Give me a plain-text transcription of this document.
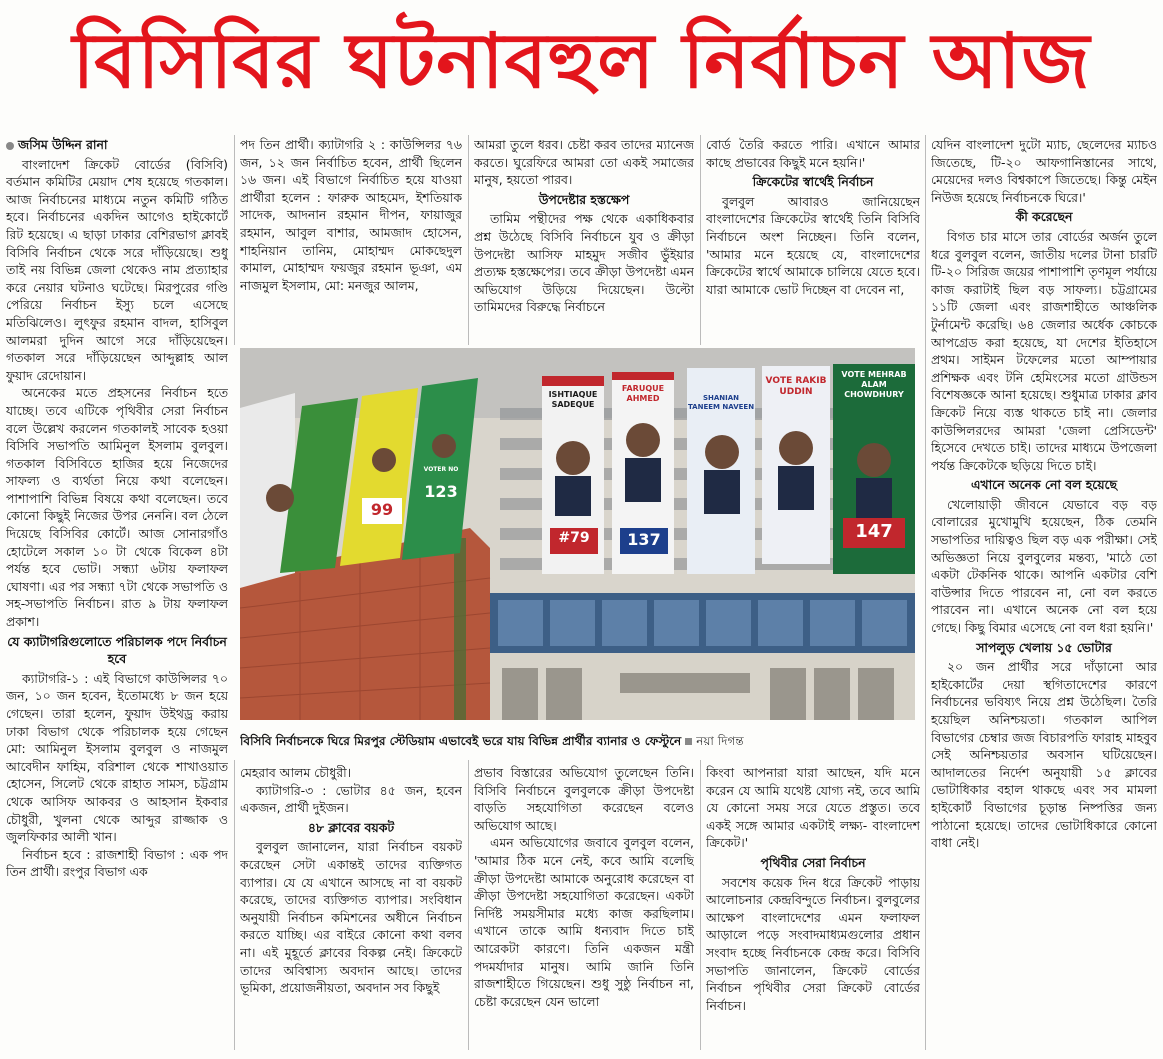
বিসিবির ঘটনাবহুল নির্বাচন আজ
জসিম উদ্দিন রানা

বাংলাদেশ ক্রিকেট বোর্ডের (বিসিবি) বর্তমান কমিটির মেয়াদ শেষ হয়েছে গতকাল। আজ নির্বাচনের মাধ্যমে নতুন কমিটি গঠিত হবে। নির্বাচনের একদিন আগেও হাইকোর্টে রিট হয়েছে। এ ছাড়া ঢাকার বেশিরভাগ ক্লাবই বিসিবি নির্বাচন থেকে সরে দাঁড়িয়েছে। শুধু তাই নয় বিভিন্ন জেলা থেকেও নাম প্রত্যাহার করে নেয়ার ঘটনাও ঘটেছে। মিরপুরের গণ্ডি পেরিয়ে নির্বাচন ইস্যু চলে এসেছে মতিঝিলেও। লুৎফুর রহমান বাদল, হাসিবুল আলমরা দুদিন আগে সরে দাঁড়িয়েছেন। গতকাল সরে দাঁড়িয়েছেন আব্দুল্লাহ আল ফুয়াদ রেদোয়ান।

অনেকের মতে প্রহসনের নির্বাচন হতে যাচ্ছে। তবে এটিকে পৃথিবীর সেরা নির্বাচন বলে উল্লেখ করলেন গতকালই সাবেক হওয়া বিসিবি সভাপতি আমিনুল ইসলাম বুলবুল। গতকাল বিসিবিতে হাজির হয়ে নিজেদের সাফল্য ও ব্যর্থতা নিয়ে কথা বলেছেন। পাশাপাশি বিভিন্ন বিষয়ে কথা বলেছেন। তবে কোনো কিছুই নিজের উপর নেননি। বল ঠেলে দিয়েছে বিসিবির কোর্টে। আজ সোনারগাঁও হোটেলে সকাল ১০ টা থেকে বিকেল ৪টা পর্যন্ত হবে ভোট। সন্ধ্যা ৬টায় ফলাফল ঘোষণা। এর পর সন্ধ্যা ৭টা থেকে সভাপতি ও সহ-সভাপতি নির্বাচন। রাত ৯ টায় ফলাফল প্রকাশ।

যে ক্যাটাগরিগুলোতে পরিচালক পদে নির্বাচন হবে

ক্যাটাগরি-১ : এই বিভাগে কাউন্সিলর ৭০ জন, ১০ জন হবেন, ইতোমধ্যে ৮ জন হয়ে গেছেন। তারা হলেন, ফুয়াদ উইথড্র করায় ঢাকা বিভাগ থেকে পরিচালক হয়ে গেছেন মো: আমিনুল ইসলাম বুলবুল ও নাজমুল আবেদীন ফাহিম, বরিশাল থেকে শাখাওয়াত হোসেন, সিলেট থেকে রাহাত সামস, চট্টগ্রাম থেকে আসিফ আকবর ও আহসান ইকবার চৌধুরী, খুলনা থেকে আব্দুর রাজ্জাক ও জুলফিকার আলী খান।

নির্বাচন হবে : রাজশাহী বিভাগ : এক পদ তিন প্রার্থী। রংপুর বিভাগ এক

পদ তিন প্রার্থী। ক্যাটাগরি ২ : কাউন্সিলর ৭৬ জন, ১২ জন নির্বাচিত হবেন, প্রার্থী ছিলেন ১৬ জন। এই বিভাগে নির্বাচিত হয়ে যাওয়া প্রার্থীরা হলেন : ফারুক আহমেদ, ইশতিয়াক সাদেক, আদনান রহমান দীপন, ফায়াজুর রহমান, আবুল বাশার, আমজাদ হোসেন, শাহনিয়ান তানিম, মোহাম্মদ মোকছেদুল কামাল, মোহাম্মদ ফয়জুর রহমান ভূঞা, এম নাজমুল ইসলাম, মো: মনজুর আলম,

আমরা তুলে ধরব। চেষ্টা করব তাদের ম্যানেজ করতে। ঘুরেফিরে আমরা তো একই সমাজের মানুষ, হয়তো পারব।

উপদেষ্টার হস্তক্ষেপ

তামিম পন্থীদের পক্ষ থেকে একাধিকবার প্রশ্ন উঠেছে বিসিবি নির্বাচনে যুব ও ক্রীড়া উপদেষ্টা আসিফ মাহমুদ সজীব ভুঁইয়ার প্রত্যক্ষ হস্তক্ষেপের। তবে ক্রীড়া উপদেষ্টা এমন অভিযোগ উড়িয়ে দিয়েছেন। উল্টো তামিমদের বিরুদ্ধে নির্বাচনে

বোর্ড তৈরি করতে পারি। এখানে আমার কাছে প্রভাবের কিছুই মনে হয়নি।'

ক্রিকেটের স্বার্থেই নির্বাচন

বুলবুল আবারও জানিয়েছেন বাংলাদেশের ক্রিকেটের স্বার্থেই তিনি বিসিবি নির্বাচনে অংশ নিচ্ছেন। তিনি বলেন, 'আমার মনে হয়েছে যে, বাংলাদেশের ক্রিকেটের স্বার্থে আমাকে চালিয়ে যেতে হবে। যারা আমাকে ভোট দিচ্ছেন বা দেবেন না,

যেদিন বাংলাদেশ দুটো ম্যাচ, ছেলেদের ম্যাচও জিতেছে, টি-২০ আফগানিস্তানের সাথে, মেয়েদের দলও বিশ্বকাপে জিতেছে। কিন্তু মেইন নিউজ হয়েছে নির্বাচনকে ঘিরে।'

কী করেছেন

বিগত চার মাসে তার বোর্ডের অর্জন তুলে ধরে বুলবুল বলেন, জাতীয় দলের টানা চারটি টি-২০ সিরিজ জয়ের পাশাপাশি তৃণমূল পর্যায়ে কাজ করাটাই ছিল বড় সাফল্য। চট্টগ্রামের ১১টি জেলা এবং রাজশাহীতে আঞ্চলিক টুর্নামেন্ট করেছি। ৬৪ জেলার অর্ধেক কোচকে আপগ্রেড করা হয়েছে, যা দেশের ইতিহাসে প্রথম। সাইমন টফেলের মতো আম্পায়ার প্রশিক্ষক এবং টনি হেমিংসের মতো গ্রাউন্ডস বিশেষজ্ঞকে আনা হয়েছে। শুধুমাত্র ঢাকার ক্লাব ক্রিকেট নিয়ে ব্যস্ত থাকতে চাই না। জেলার কাউন্সিলরদের আমরা 'জেলা প্রেসিডেন্ট' হিসেবে দেখতে চাই। তাদের মাধ্যমে উপজেলা পর্যন্ত ক্রিকেটকে ছড়িয়ে দিতে চাই।

এখানে অনেক নো বল হয়েছে

খেলোয়াড়ী জীবনে যেভাবে বড় বড় বোলারের মুখোমুখি হয়েছেন, ঠিক তেমনি সভাপতির দায়িত্বও ছিল বড় এক পরীক্ষা। সেই অভিজ্ঞতা নিয়ে বুলবুলের মন্তব্য, 'মাঠে তো একটা টেকনিক থাকে। আপনি একটার বেশি বাউন্সার দিতে পারবেন না, নো বল করতে পারবেন না। এখানে অনেক নো বল হয়ে গেছে। কিছু বিমার এসেছে নো বল ধরা হয়নি।'

সাপলুড় খেলায় ১৫ ভোটার

২০ জন প্রার্থীর সরে দাঁড়ানো আর হাইকোর্টের দেয়া স্থগিতাদেশের কারণে নির্বাচনের ভবিষ্যৎ নিয়ে প্রশ্ন উঠেছিল। তৈরি হয়েছিল অনিশ্চয়তা। গতকাল আপিল বিভাগের চেম্বার জজ বিচারপতি ফারাহ মাহবুব সেই অনিশ্চয়তার অবসান ঘটিয়েছেন। আদালতের নির্দেশ অনুযায়ী ১৫ ক্লাবের ভোটাধিকার বহাল থাকছে এবং সব মামলা হাইকোর্ট বিভাগের চূড়ান্ত নিষ্পত্তির জন্য পাঠানো হয়েছে। তাদের ভোটাধিকারে কোনো বাধা নেই।

ISHTIAQUE SADEQUE
FARUQUE AHMED	SHANIAN TANEEM NAVEEN
VOTE RAKIB UDDIN
VOTE MEHRAB ALAM CHOWDHURY
VOTER NO
#79	137	147
123
99
বিসিবি নির্বাচনকে ঘিরে মিরপুর স্টেডিয়াম এভাবেই ভরে যায় বিভিন্ন প্রার্থীর ব্যানার ও ফেস্টুনে নয়া দিগন্ত

মেহরাব আলম চৌধুরী।

ক্যাটাগরি-৩ : ভোটার ৪৫ জন, হবেন একজন, প্রার্থী দুইজন।

৪৮ ক্লাবের বয়কট

বুলবুল জানালেন, যারা নির্বাচন বয়কট করেছেন সেটা একান্তই তাদের ব্যক্তিগত ব্যাপার। যে যে এখানে আসছে না বা বয়কট করেছে, তাদের ব্যক্তিগত ব্যাপার। সংবিধান অনুযায়ী নির্বাচন কমিশনের অধীনে নির্বাচন করতে যাচ্ছি। এর বাইরে কোনো কথা বলব না। এই মুহূর্তে ক্লাবের বিকল্প নেই। ক্রিকেটে তাদের অবিশ্বাস্য অবদান আছে। তাদের ভূমিকা, প্রয়োজনীয়তা, অবদান সব কিছুই

প্রভাব বিস্তারের অভিযোগ তুলেছেন তিনি। বিসিবি নির্বাচনে বুলবুলকে ক্রীড়া উপদেষ্টা বাড়তি সহযোগিতা করেছেন বলেও অভিযোগ আছে।

এমন অভিযোগের জবাবে বুলবুল বলেন, 'আমার ঠিক মনে নেই, কবে আমি বলেছি ক্রীড়া উপদেষ্টা আমাকে অনুরোধ করেছেন বা ক্রীড়া উপদেষ্টা সহযোগিতা করেছেন। একটা নির্দিষ্ট সময়সীমার মধ্যে কাজ করছিলাম। এখানে তাকে আমি ধন্যবাদ দিতে চাই আরেকটা কারণে। তিনি একজন মন্ত্রী পদমর্যাদার মানুষ। আমি জানি তিনি রাজশাহীতে গিয়েছেন। শুধু সুষ্ঠু নির্বাচন না, চেষ্টা করেছেন যেন ভালো

কিংবা আপনারা যারা আছেন, যদি মনে করেন যে আমি যথেষ্ট যোগ্য নই, তবে আমি যে কোনো সময় সরে যেতে প্রস্তুত। তবে একই সঙ্গে আমার একটাই লক্ষ্য- বাংলাদেশ ক্রিকেট।'

পৃথিবীর সেরা নির্বাচন

সবশেষ কয়েক দিন ধরে ক্রিকেট পাড়ায় আলোচনার কেন্দ্রবিন্দুতে নির্বাচন। বুলবুলের আক্ষেপ বাংলাদেশের এমন ফলাফল আড়ালে পড়ে সংবাদমাধ্যমগুলোর প্রধান সংবাদ হচ্ছে নির্বাচনকে কেন্দ্র করে। বিসিবি সভাপতি জানালেন, ক্রিকেট বোর্ডের নির্বাচন পৃথিবীর সেরা ক্রিকেট বোর্ডের নির্বাচন।
